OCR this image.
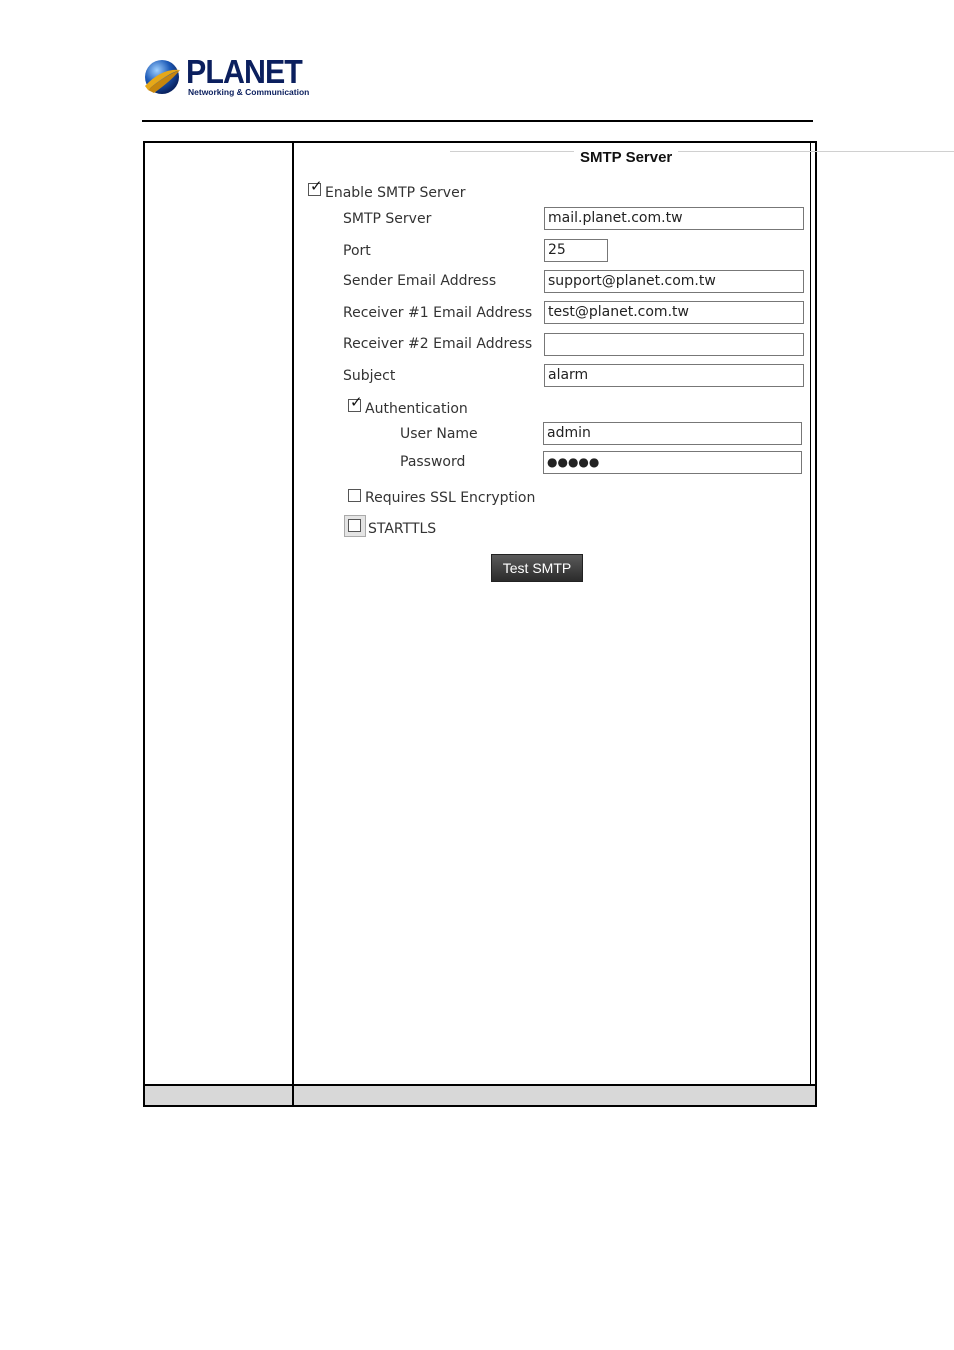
PLANET
Networking & Communication
SMTP Server
✓ Enable SMTP Server
SMTP Server	mail.planet.com.tw
Port	25
Sender Email Address	support@planet.com.tw
Receiver #1 Email Address test@planet.com.tw
Receiver #2 Email Address
Subject	alarm
✓ Authentication
User Name	admin
Password	●●●●●
Requires SSL Encryption
STARTTLS
Test SMTP
